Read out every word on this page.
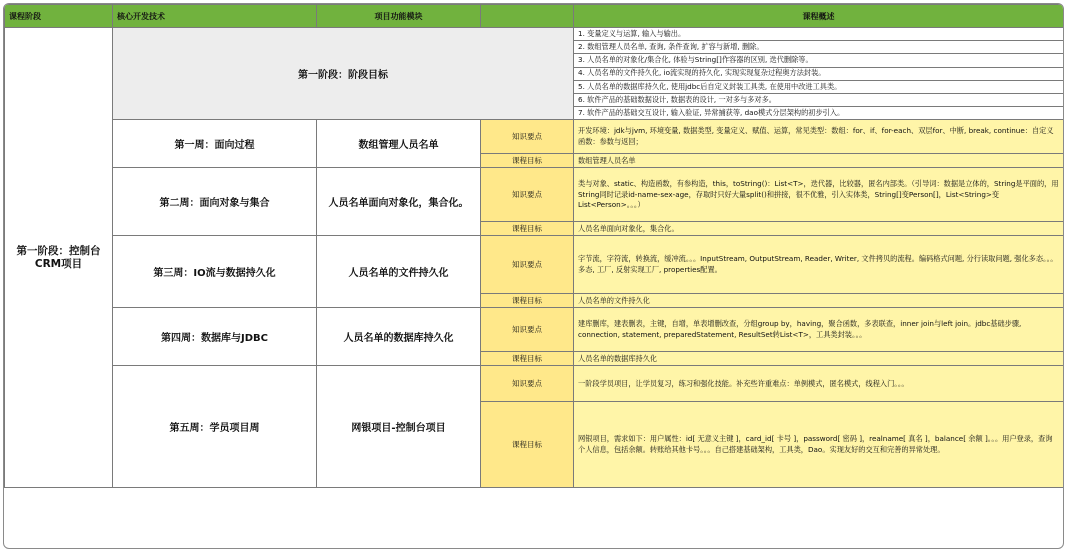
课程阶段	核心开发技术	项目功能模块		课程概述
第一阶段：控制台CRM项目	第一阶段：阶段目标			1. 变量定义与运算, 输入与输出。
				2. 数组管理人员名单, 查询, 条件查询, 扩容与新增, 删除。
				3. 人员名单的对象化/集合化, 体验与String[]作容器的区别, 迭代删除等。
				4. 人员名单的文件持久化, io流实现的持久化, 实现实现复杂过程奥方法封装。
				5. 人员名单的数据库持久化, 使用jdbc后自定义封装工具类, 在使用中改进工具类。
				6. 软件产品的基础数据设计, 数据表的设计, 一对多与多对多。
				7. 软件产品的基础交互设计, 输入验证, 异常捕获等, dao模式分层架构的初步引入。
	第一周：面向过程	数组管理人员名单	知识要点	开发环境：jdk与jvm, 环境变量, 数据类型, 变量定义、赋值、运算，常见类型：数组：for、if、for-each、双层for、中断, break, continue：自定义函数：参数与返回；
			课程目标	数组管理人员名单
	第二周：面向对象与集合	人员名单面向对象化，集合化。	知识要点	类与对象、static、构造函数，有参构造，this，toString()：List<T>，迭代器，比较器，匿名内部类。（引导词：数据是立体的，String是平面的，用String同时记录id-name-sex-age，存取时只好大量split()和拼接，很不优雅，引入实体类，String[]变Person[]，List<String>变List<Person>。。。）
			课程目标	人员名单面向对象化，集合化。
	第三周：IO流与数据持久化	人员名单的文件持久化	知识要点	字节流，字符流，转换流，缓冲流。。。InputStream, OutputStream, Reader, Writer, 文件拷贝的流程。编码格式问题, 分行读取问题, 强化多态。。。多态, 工厂, 反射实现工厂, properties配置。
			课程目标	人员名单的文件持久化
	第四周：数据库与JDBC	人员名单的数据库持久化	知识要点	建库删库，建表删表，主键，自增，单表增删改查，分组group by，having，聚合函数，多表联查，inner join与left join。jdbc基础步骤, connection, statement, preparedStatement, ResultSet转List<T>，工具类封装。。。
			课程目标	人员名单的数据库持久化
	第五周：学员项目周	网银项目-控制台项目	知识要点	一阶段学员项目，让学员复习，练习和强化技能。补充些许重难点：单例模式，匿名模式，线程入门。。。
			课程目标	网银项目，需求如下：用户属性：id[ 无意义主键 ]，card_id[ 卡号 ]，password[ 密码 ]，realname[ 真名 ]，balance[ 余额 ]。。。用户登录，查询个人信息，包括余额。转账给其他卡号。。。自己搭建基础架构，工具类，Dao。实现友好的交互和完善的异常处理。
